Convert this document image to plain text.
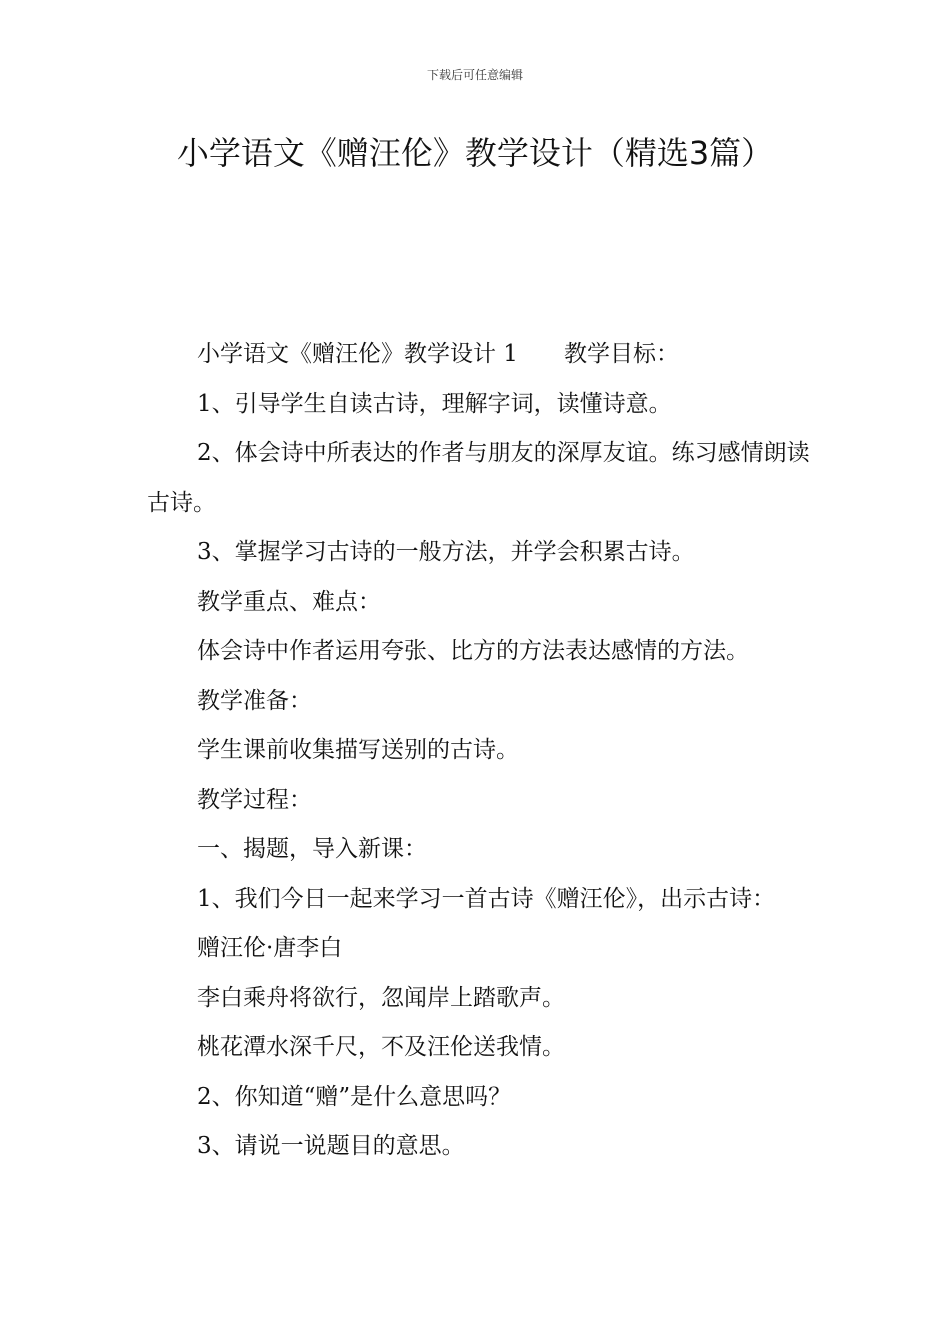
下载后可任意编辑
小学语文《赠汪伦》教学设计（精选3篇）

小学语文《赠汪伦》教学设计 1 教学目标：

1、引导学生自读古诗，理解字词，读懂诗意。

2、体会诗中所表达的作者与朋友的深厚友谊。练习感情朗读古诗。

3、掌握学习古诗的一般方法，并学会积累古诗。

教学重点、难点：

体会诗中作者运用夸张、比方的方法表达感情的方法。

教学准备：

学生课前收集描写送别的古诗。

教学过程：

一、揭题，导入新课：

1、我们今日一起来学习一首古诗《赠汪伦》，出示古诗：

赠汪伦·唐李白

李白乘舟将欲行，忽闻岸上踏歌声。

桃花潭水深千尺，不及汪伦送我情。

2、你知道“赠”是什么意思吗？

3、请说一说题目的意思。
